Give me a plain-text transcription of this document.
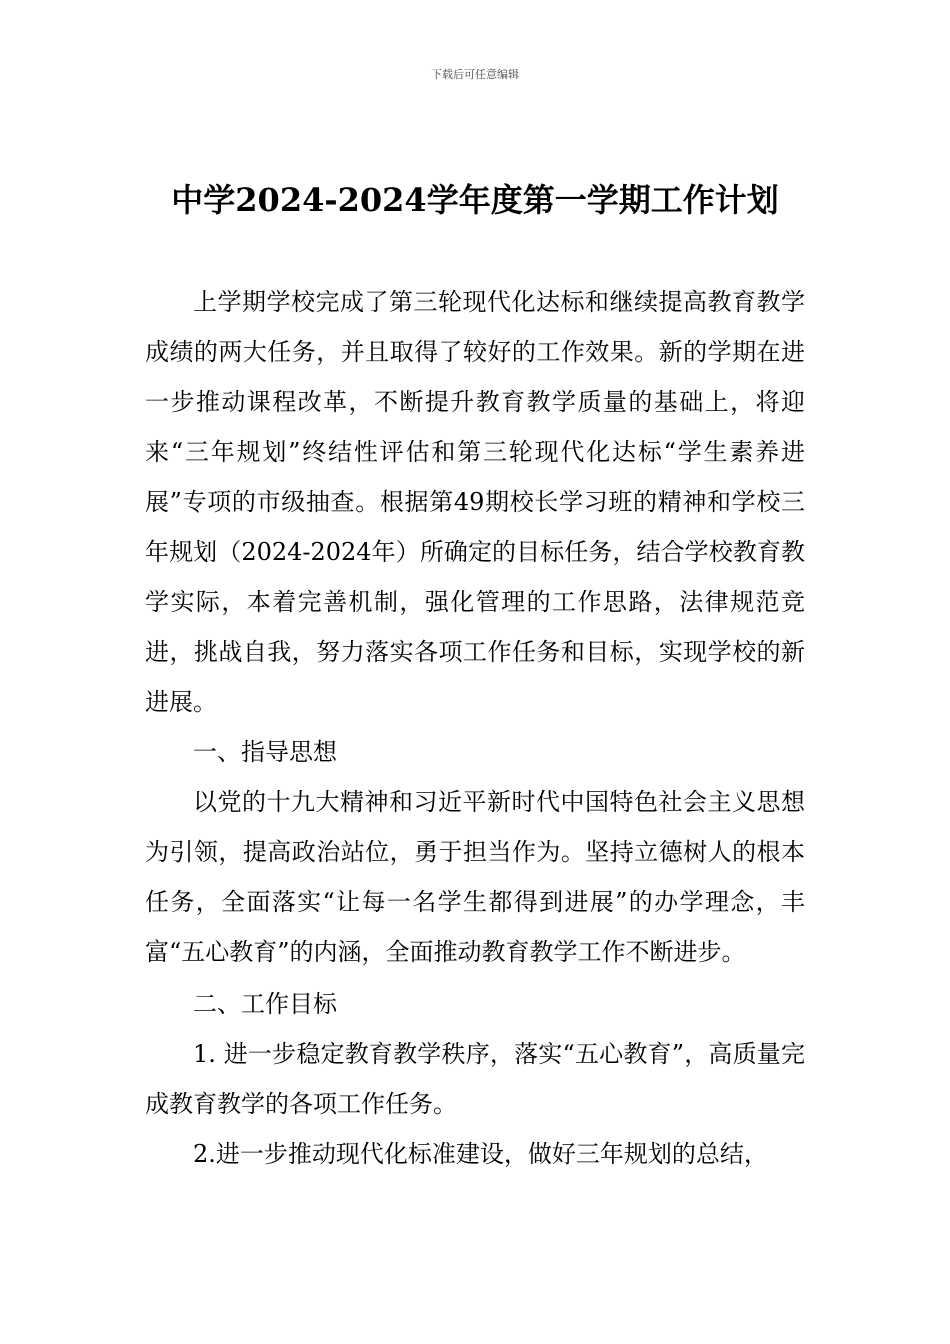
下载后可任意编辑
中学2024-2024学年度第一学期工作计划

上学期学校完成了第三轮现代化达标和继续提高教育教学成绩的两大任务，并且取得了较好的工作效果。新的学期在进一步推动课程改革，不断提升教育教学质量的基础上，将迎来“三年规划”终结性评估和第三轮现代化达标“学生素养进展”专项的市级抽查。根据第49期校长学习班的精神和学校三年规划（2024-2024年）所确定的目标任务，结合学校教育教学实际，本着完善机制，强化管理的工作思路，法律规范竞进，挑战自我，努力落实各项工作任务和目标，实现学校的新进展。

一、指导思想

以党的十九大精神和习近平新时代中国特色社会主义思想为引领，提高政治站位，勇于担当作为。坚持立德树人的根本任务，全面落实“让每一名学生都得到进展”的办学理念，丰富“五心教育”的内涵，全面推动教育教学工作不断进步。

二、工作目标

1. 进一步稳定教育教学秩序，落实“五心教育”，高质量完成教育教学的各项工作任务。

2.进一步推动现代化标准建设，做好三年规划的总结，
